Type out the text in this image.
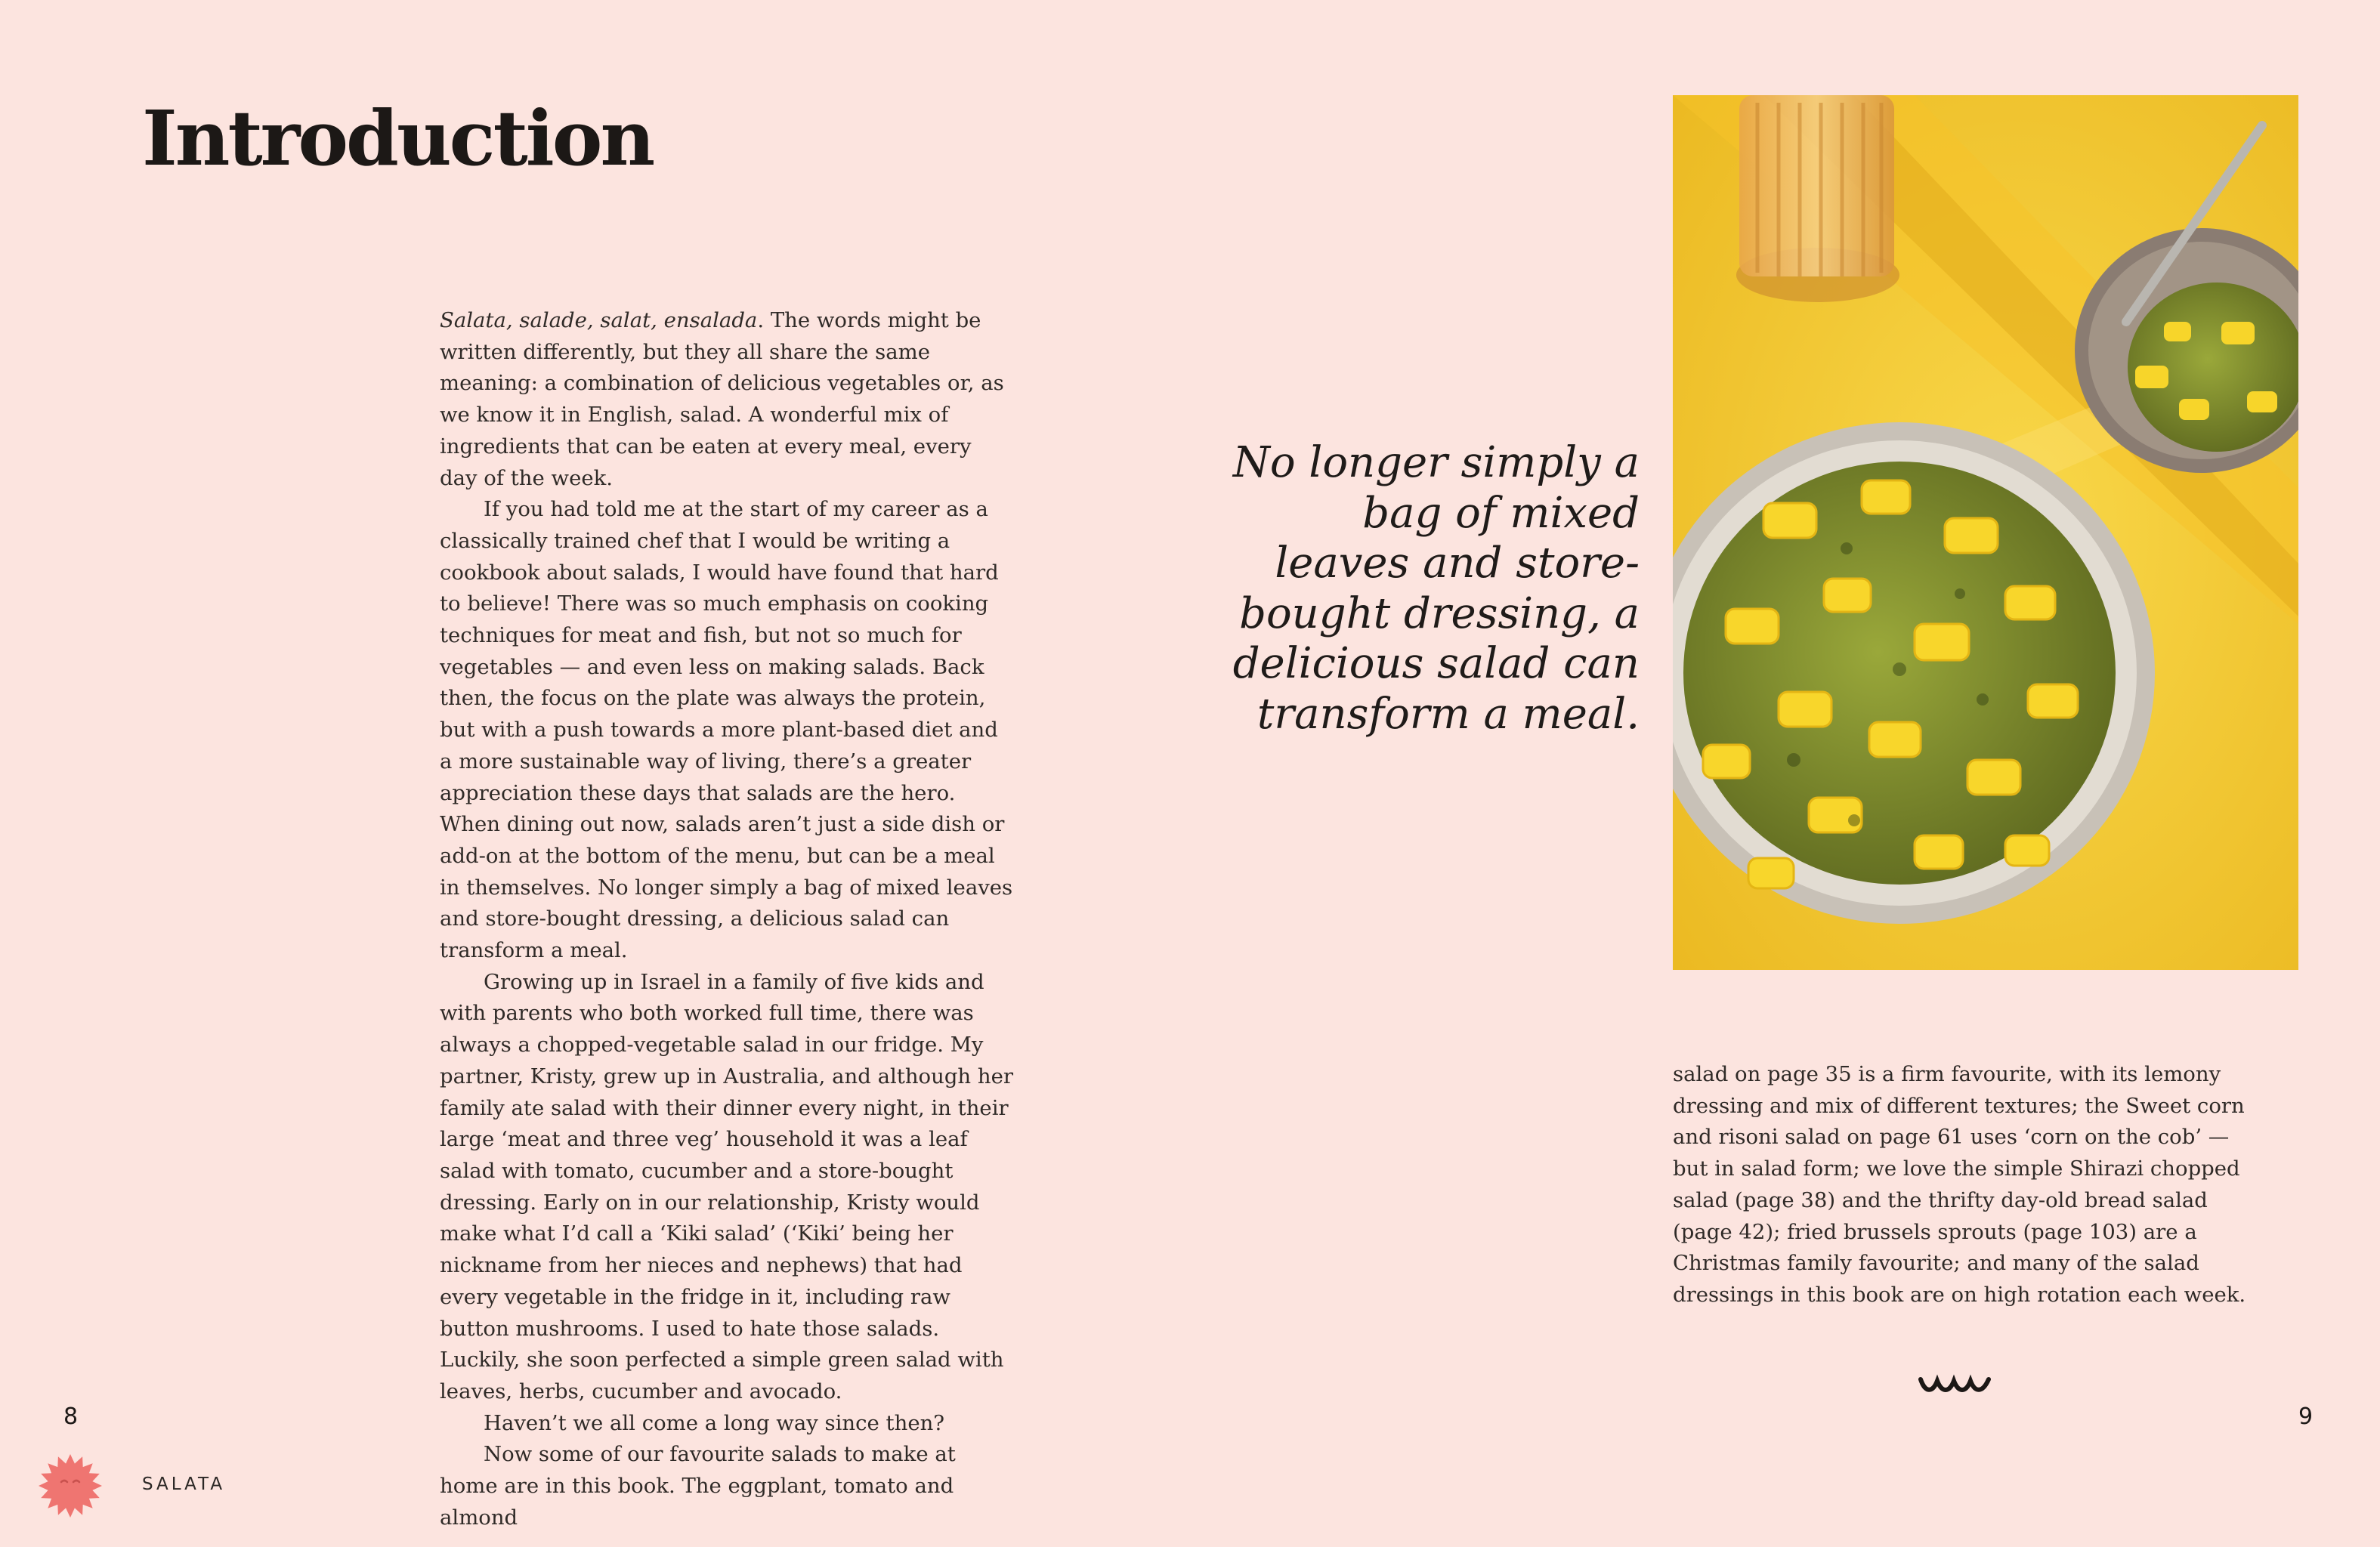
Introduction

Salata, salade, salat, ensalada. The words might be written differently, but they all share the same meaning: a combination of delicious vegetables or, as we know it in English, salad. A wonderful mix of ingredients that can be eaten at every meal, every day of the week.

If you had told me at the start of my career as a classically trained chef that I would be writing a cookbook about salads, I would have found that hard to believe! There was so much emphasis on cooking techniques for meat and fish, but not so much for vegetables — and even less on making salads. Back then, the focus on the plate was always the protein, but with a push towards a more plant-based diet and a more sustainable way of living, there’s a greater appreciation these days that salads are the hero. When dining out now, salads aren’t just a side dish or add-on at the bottom of the menu, but can be a meal in themselves. No longer simply a bag of mixed leaves and store-bought dressing, a delicious salad can transform a meal.

Growing up in Israel in a family of five kids and with parents who both worked full time, there was always a chopped-vegetable salad in our fridge. My partner, Kristy, grew up in Australia, and although her family ate salad with their dinner every night, in their large ‘meat and three veg’ household it was a leaf salad with tomato, cucumber and a store-bought dressing. Early on in our relationship, Kristy would make what I’d call a ‘Kiki salad’ (‘Kiki’ being her nickname from her nieces and nephews) that had every vegetable in the fridge in it, including raw button mushrooms. I used to hate those salads. Luckily, she soon perfected a simple green salad with leaves, herbs, cucumber and avocado.

Haven’t we all come a long way since then?

Now some of our favourite salads to make at home are in this book. The eggplant, tomato and almond

No longer simply a bag of mixed leaves and store-bought dressing, a delicious salad can transform a meal.

salad on page 35 is a firm favourite, with its lemony dressing and mix of different textures; the Sweet corn and risoni salad on page 61 uses ‘corn on the cob’ — but in salad form; we love the simple Shirazi chopped salad (page 38) and the thrifty day-old bread salad (page 42); fried brussels sprouts (page 103) are a Christmas family favourite; and many of the salad dressings in this book are on high rotation each week.

8	9
SALATA
